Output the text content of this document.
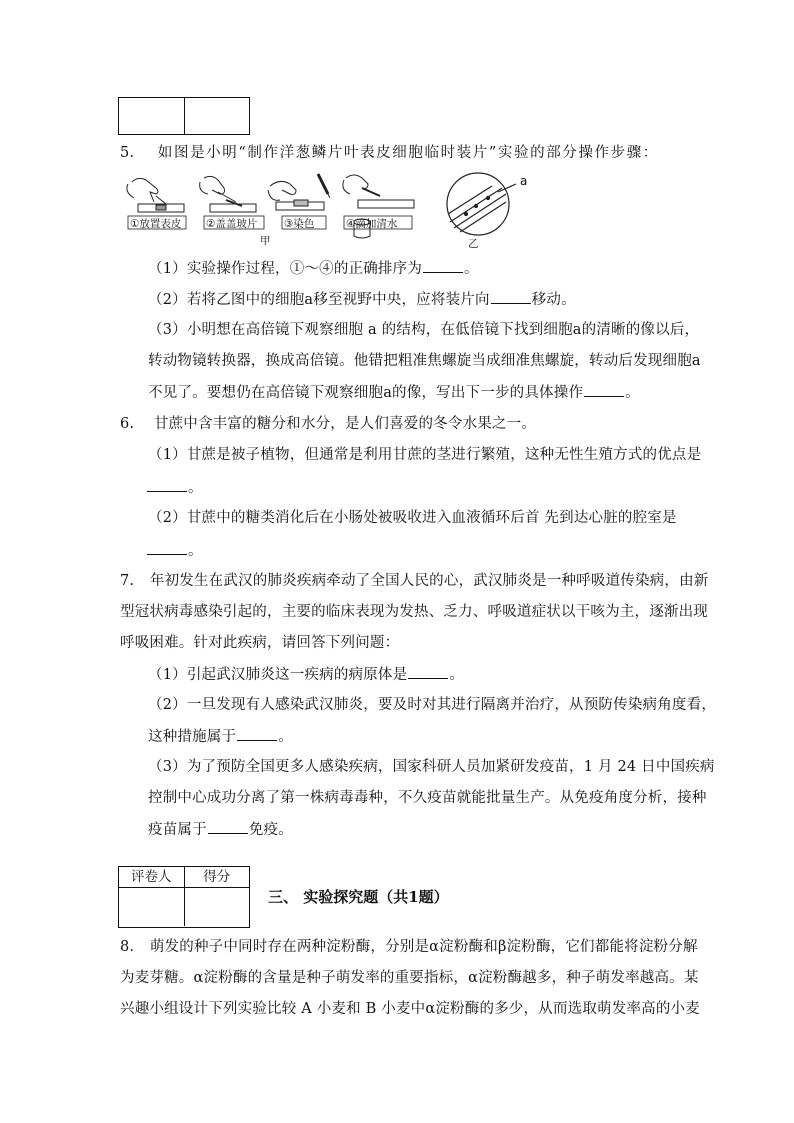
5. 如图是小明“制作洋葱鳞片叶表皮细胞临时装片”实验的部分操作步骤：
①放置表皮 ②盖盖玻片	③染色	④滴加清水
甲	乙
a
（1）实验操作过程，①～④的正确排序为	。
（2）若将乙图中的细胞a移至视野中央，应将装片向	移动。
（3）小明想在高倍镜下观察细胞 a 的结构，在低倍镜下找到细胞a的清晰的像以后，
转动物镜转换器，换成高倍镜。他错把粗准焦螺旋当成细准焦螺旋，转动后发现细胞a
不见了。要想仍在高倍镜下观察细胞a的像，写出下一步的具体操作	。
6. 甘蔗中含丰富的糖分和水分，是人们喜爱的冬令水果之一。
（1）甘蔗是被子植物，但通常是利用甘蔗的茎进行繁殖，这种无性生殖方式的优点是
。
（2）甘蔗中的糖类消化后在小肠处被吸收进入血液循环后首 先到达心脏的腔室是
。
7. 年初发生在武汉的肺炎疾病牵动了全国人民的心，武汉肺炎是一种呼吸道传染病，由新
型冠状病毒感染引起的，主要的临床表现为发热、乏力、呼吸道症状以干咳为主，逐渐出现
呼吸困难。针对此疾病，请回答下列问题：
（1）引起武汉肺炎这一疾病的病原体是	。
（2）一旦发现有人感染武汉肺炎，要及时对其进行隔离并治疗，从预防传染病角度看，
这种措施属于	。
（3）为了预防全国更多人感染疾病，国家科研人员加紧研发疫苗，1 月 24 日中国疾病
控制中心成功分离了第一株病毒毒种，不久疫苗就能批量生产。从免疫角度分析，接种
疫苗属于	免疫。
评卷人	得分
三、 实验探究题（共1题）
8. 萌发的种子中同时存在两种淀粉酶，分别是α淀粉酶和β淀粉酶，它们都能将淀粉分解
为麦芽糖。α淀粉酶的含量是种子萌发率的重要指标，α淀粉酶越多，种子萌发率越高。某
兴趣小组设计下列实验比较 A 小麦和 B 小麦中α淀粉酶的多少，从而选取萌发率高的小麦
